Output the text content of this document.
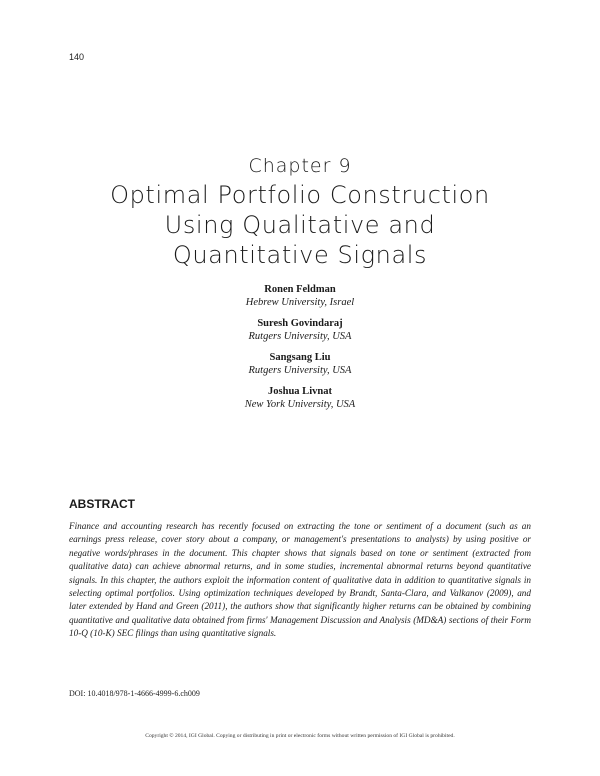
140
Chapter 9
Optimal Portfolio Construction
Using Qualitative and
Quantitative Signals
Ronen Feldman
Hebrew University, Israel
Suresh Govindaraj
Rutgers University, USA
Sangsang Liu
Rutgers University, USA
Joshua Livnat
New York University, USA
ABSTRACT

Finance and accounting research has recently focused on extracting the tone or sentiment of a document (such as an earnings press release, cover story about a company, or management's presentations to analysts) by using positive or negative words/phrases in the document. This chapter shows that signals based on tone or sentiment (extracted from qualitative data) can achieve abnormal returns, and in some studies, incremental abnormal returns beyond quantitative signals. In this chapter, the authors exploit the information content of qualitative data in addition to quantitative signals in selecting optimal portfolios. Using optimization techniques developed by Brandt, Santa-Clara, and Valkanov (2009), and later extended by Hand and Green (2011), the authors show that significantly higher returns can be obtained by combining quantitative and qualitative data obtained from firms' Management Discussion and Analysis (MD&A) sections of their Form 10-Q (10-K) SEC filings than using quantitative signals.

DOI: 10.4018/978-1-4666-4999-6.ch009
Copyright © 2014, IGI Global. Copying or distributing in print or electronic forms without written permission of IGI Global is prohibited.
